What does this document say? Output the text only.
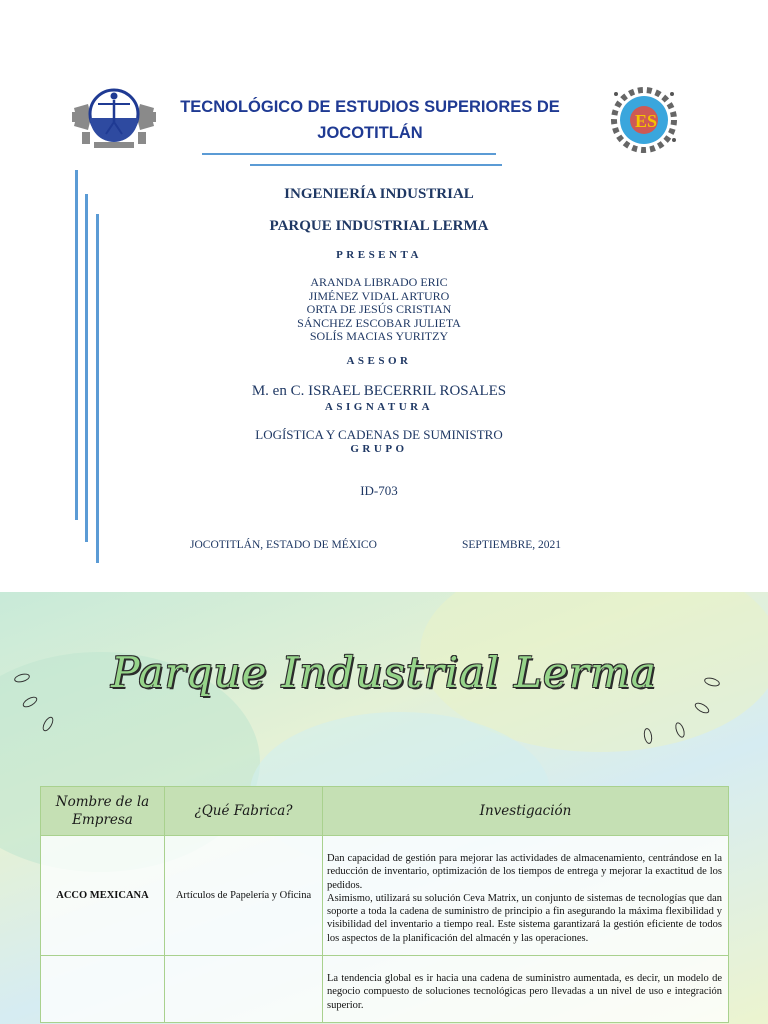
ES

TECNOLÓGICO DE ESTUDIOS SUPERIORES DE
JOCOTITLÁN

INGENIERÍA INDUSTRIAL

PARQUE INDUSTRIAL LERMA

PRESENTA

ARANDA LIBRADO ERIC
JIMÉNEZ VIDAL ARTURO
ORTA DE JESÚS CRISTIAN
SÁNCHEZ ESCOBAR JULIETA
SOLÍS MACIAS YURITZY

ASESOR

M. en C. ISRAEL BECERRIL ROSALES

ASIGNATURA

LOGÍSTICA Y CADENAS DE SUMINISTRO

GRUPO

ID-703

JOCOTITLÁN, ESTADO DE MÉXICO	SEPTIEMBRE, 2021

Parque Industrial Lerma

Nombre de la Empresa	¿Qué Fabrica?	Investigación
ACCO MEXICANA	Artículos de Papelería y Oficina	Dan capacidad de gestión para mejorar las actividades de almacenamiento, centrándose en la reducción de inventario, optimización de los tiempos de entrega y mejorar la exactitud de los pedidos.

Asimismo, utilizará su solución Ceva Matrix, un conjunto de sistemas de tecnologías que dan soporte a toda la cadena de suministro de principio a fin asegurando la máxima flexibilidad y visibilidad del inventario a tiempo real. Este sistema garantizará la gestión eficiente de todos los aspectos de la planificación del almacén y las operaciones.

		La tendencia global es ir hacia una cadena de suministro aumentada, es decir, un modelo de negocio compuesto de soluciones tecnológicas pero llevadas a un nivel de uso e integración superior.
